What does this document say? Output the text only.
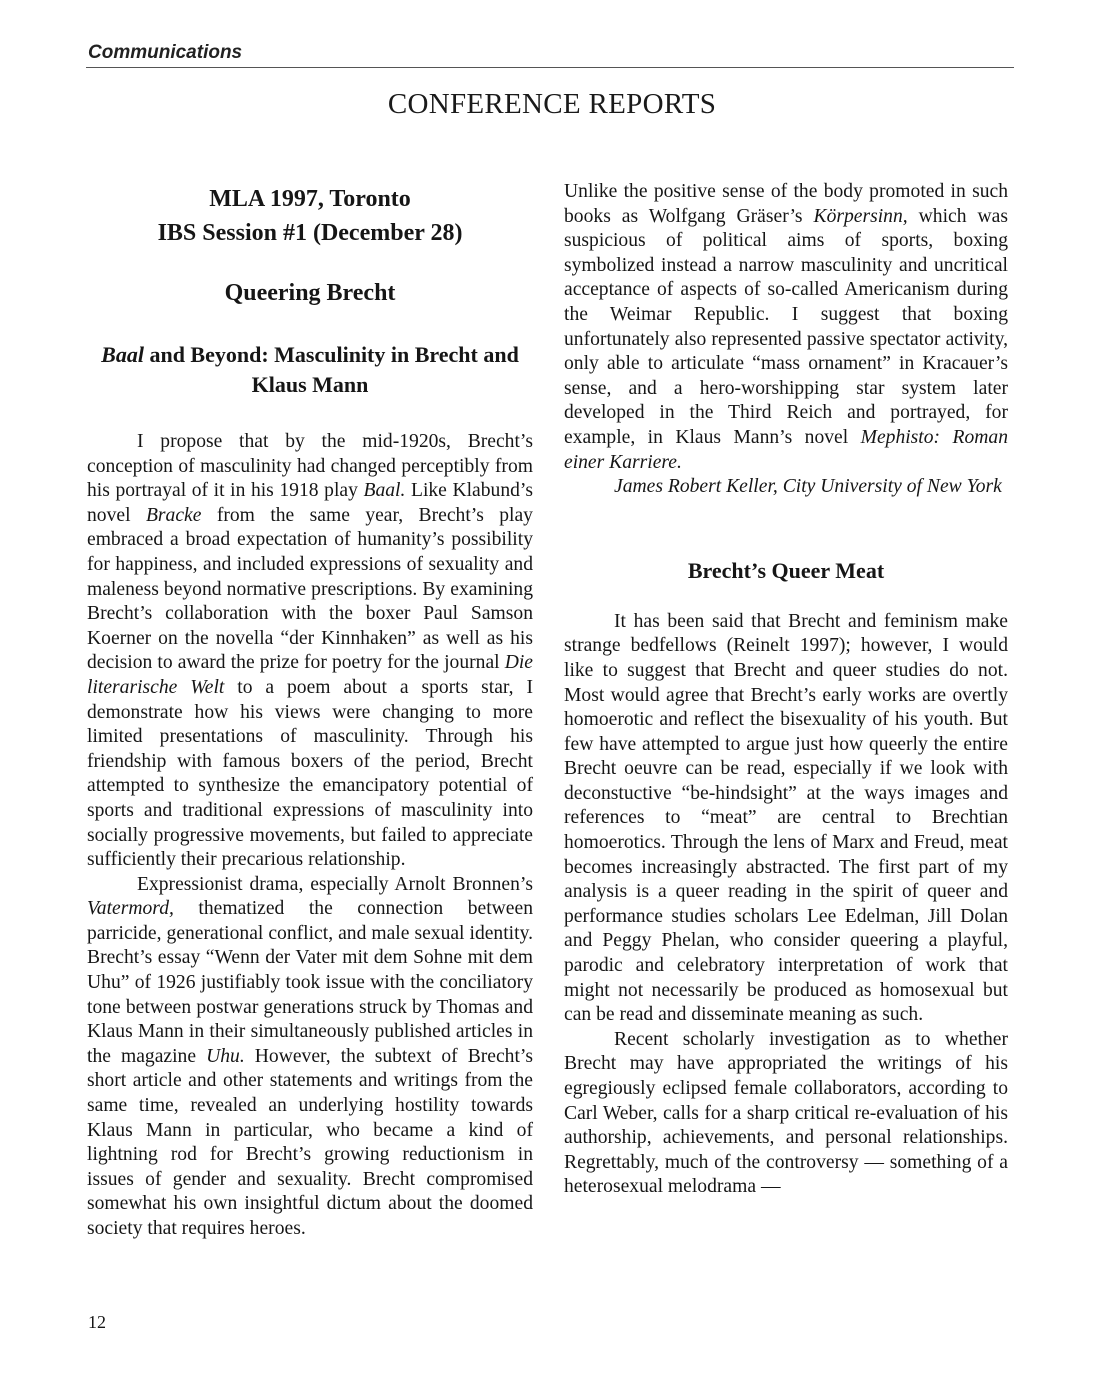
Communications
CONFERENCE REPORTS
MLA 1997, Toronto
IBS Session #1 (December 28)
Queering Brecht
Baal and Beyond: Masculinity in Brecht and Klaus Mann

I propose that by the mid-1920s, Brecht’s conception of masculinity had changed perceptibly from his portrayal of it in his 1918 play Baal. Like Klabund’s novel Bracke from the same year, Brecht’s play embraced a broad expectation of humanity’s possibility for happiness, and included expressions of sexuality and maleness beyond normative prescriptions. By examining Brecht’s collaboration with the boxer Paul Samson Koerner on the novella “der Kinnhaken” as well as his decision to award the prize for poetry for the journal Die literarische Welt to a poem about a sports star, I demonstrate how his views were changing to more limited presentations of masculinity. Through his friendship with famous boxers of the period, Brecht attempted to synthesize the emancipatory potential of sports and traditional expressions of masculinity into socially progressive movements, but failed to appreciate sufficiently their precarious relationship.

Expressionist drama, especially Arnolt Bronnen’s Vatermord, thematized the connection between parricide, generational conflict, and male sexual identity. Brecht’s essay “Wenn der Vater mit dem Sohne mit dem Uhu” of 1926 justifiably took issue with the conciliatory tone between postwar generations struck by Thomas and Klaus Mann in their simultaneously published articles in the magazine Uhu. However, the subtext of Brecht’s short article and other statements and writings from the same time, revealed an underlying hostility towards Klaus Mann in particular, who became a kind of lightning rod for Brecht’s growing reductionism in issues of gender and sexuality. Brecht compromised somewhat his own insightful dictum about the doomed society that requires heroes.

Unlike the positive sense of the body promoted in such books as Wolfgang Gräser’s Körpersinn, which was suspicious of political aims of sports, boxing symbolized instead a narrow masculinity and uncritical acceptance of aspects of so-called Americanism during the Weimar Republic. I suggest that boxing unfortunately also represented passive spectator activity, only able to articulate “mass ornament” in Kracauer’s sense, and a hero-worshipping star system later developed in the Third Reich and portrayed, for example, in Klaus Mann’s novel Mephisto: Roman einer Karriere.

James Robert Keller, City University of New York

Brecht’s Queer Meat

It has been said that Brecht and feminism make strange bedfellows (Reinelt 1997); however, I would like to suggest that Brecht and queer studies do not. Most would agree that Brecht’s early works are overtly homoerotic and reflect the bisexuality of his youth. But few have attempted to argue just how queerly the entire Brecht oeuvre can be read, especially if we look with deconstuctive “be-hindsight” at the ways images and references to “meat” are central to Brechtian homoerotics. Through the lens of Marx and Freud, meat becomes increasingly abstracted. The first part of my analysis is a queer reading in the spirit of queer and performance studies scholars Lee Edelman, Jill Dolan and Peggy Phelan, who consider queering a playful, parodic and celebratory interpretation of work that might not necessarily be produced as homosexual but can be read and disseminate meaning as such.

Recent scholarly investigation as to whether Brecht may have appropriated the writings of his egregiously eclipsed female collaborators, according to Carl Weber, calls for a sharp critical re-evaluation of his authorship, achievements, and personal relationships. Regrettably, much of the controversy — something of a heterosexual melodrama —

12
